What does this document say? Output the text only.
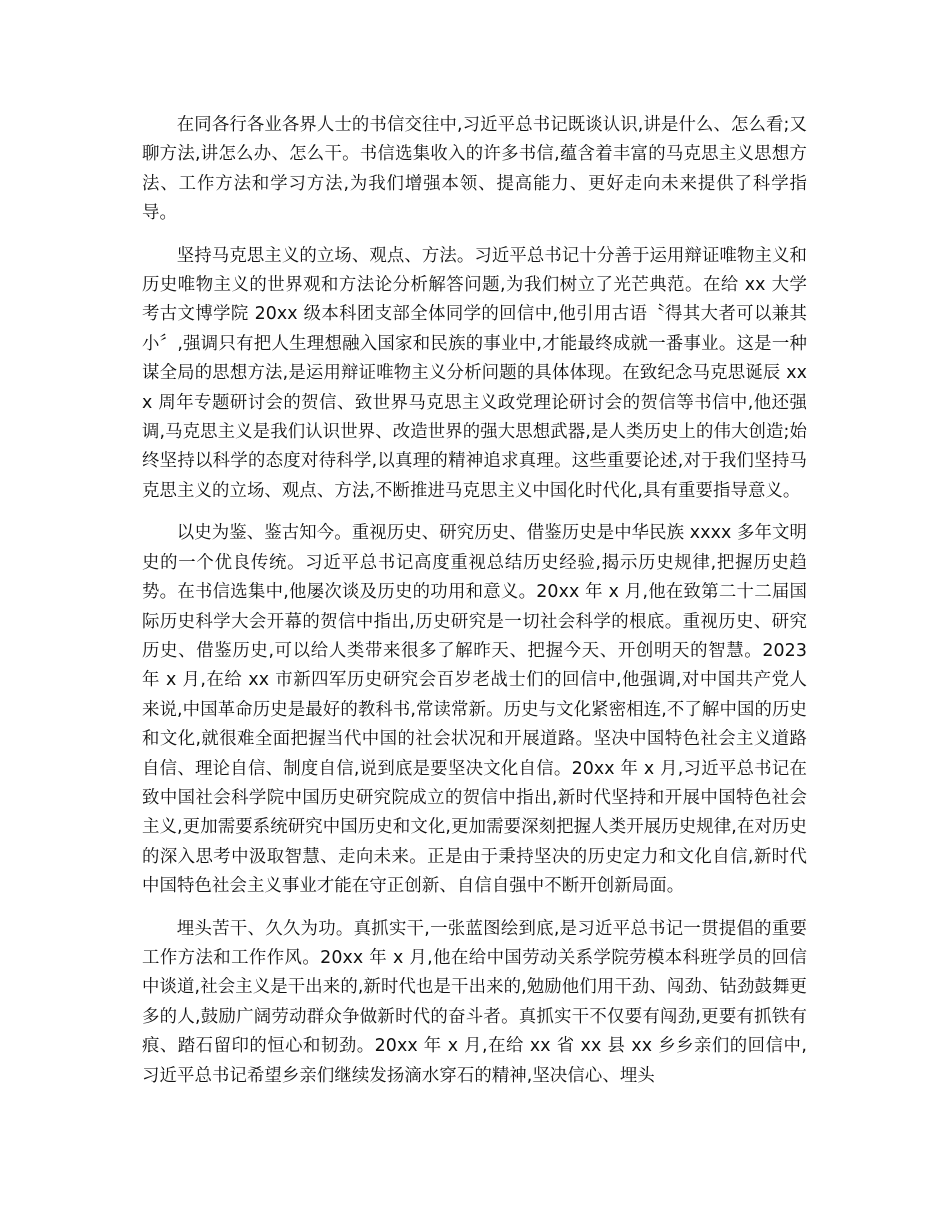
在同各行各业各界人士的书信交往中,习近平总书记既谈认识,讲是什么、怎么看;又聊方法,讲怎么办、怎么干。书信选集收入的许多书信,蕴含着丰富的马克思主义思想方法、工作方法和学习方法,为我们增强本领、提高能力、更好走向未来提供了科学指导。

坚持马克思主义的立场、观点、方法。习近平总书记十分善于运用辩证唯物主义和历史唯物主义的世界观和方法论分析解答问题,为我们树立了光芒典范。在给 xx 大学考古文博学院 20xx 级本科团支部全体同学的回信中,他引用古语〝得其大者可以兼其小〞,强调只有把人生理想融入国家和民族的事业中,才能最终成就一番事业。这是一种谋全局的思想方法,是运用辩证唯物主义分析问题的具体体现。在致纪念马克思诞辰 xxx 周年专题研讨会的贺信、致世界马克思主义政党理论研讨会的贺信等书信中,他还强调,马克思主义是我们认识世界、改造世界的强大思想武器,是人类历史上的伟大创造;始终坚持以科学的态度对待科学,以真理的精神追求真理。这些重要论述,对于我们坚持马克思主义的立场、观点、方法,不断推进马克思主义中国化时代化,具有重要指导意义。

以史为鉴、鉴古知今。重视历史、研究历史、借鉴历史是中华民族 xxxx 多年文明史的一个优良传统。习近平总书记高度重视总结历史经验,揭示历史规律,把握历史趋势。在书信选集中,他屡次谈及历史的功用和意义。20xx 年 x 月,他在致第二十二届国际历史科学大会开幕的贺信中指出,历史研究是一切社会科学的根底。重视历史、研究历史、借鉴历史,可以给人类带来很多了解昨天、把握今天、开创明天的智慧。2023 年 x 月,在给 xx 市新四军历史研究会百岁老战士们的回信中,他强调,对中国共产党人来说,中国革命历史是最好的教科书,常读常新。历史与文化紧密相连,不了解中国的历史和文化,就很难全面把握当代中国的社会状况和开展道路。坚决中国特色社会主义道路自信、理论自信、制度自信,说到底是要坚决文化自信。20xx 年 x 月,习近平总书记在致中国社会科学院中国历史研究院成立的贺信中指出,新时代坚持和开展中国特色社会主义,更加需要系统研究中国历史和文化,更加需要深刻把握人类开展历史规律,在对历史的深入思考中汲取智慧、走向未来。正是由于秉持坚决的历史定力和文化自信,新时代中国特色社会主义事业才能在守正创新、自信自强中不断开创新局面。

埋头苦干、久久为功。真抓实干,一张蓝图绘到底,是习近平总书记一贯提倡的重要工作方法和工作作风。20xx 年 x 月,他在给中国劳动关系学院劳模本科班学员的回信中谈道,社会主义是干出来的,新时代也是干出来的,勉励他们用干劲、闯劲、钻劲鼓舞更多的人,鼓励广阔劳动群众争做新时代的奋斗者。真抓实干不仅要有闯劲,更要有抓铁有痕、踏石留印的恒心和韧劲。20xx 年 x 月,在给 xx 省 xx 县 xx 乡乡亲们的回信中,习近平总书记希望乡亲们继续发扬滴水穿石的精神,坚决信心、埋头
